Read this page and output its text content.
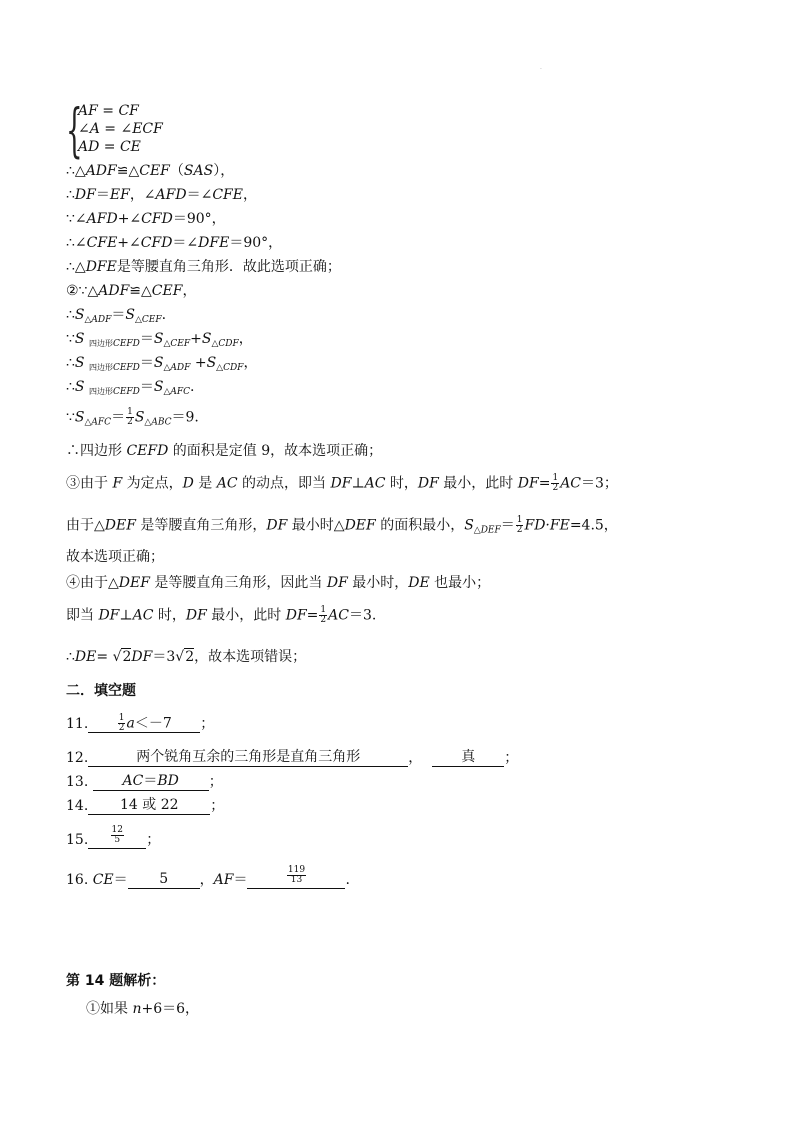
·
{
AF = CF
∠A = ∠ECF
AD = CE
∴△ADF≌△CEF（SAS），
∴DF＝EF，∠AFD＝∠CFE，
∵∠AFD+∠CFD＝90°，
∴∠CFE+∠CFD＝∠DFE＝90°，
∴△DFE是等腰直角三角形．故此选项正确；
②∵△ADF≌△CEF，
$\therefore S_{\triangle ADF}=S_{\triangle CEF}$.
∵S $_{四边形CEFD}=S_{\triangle CEF}+S_{\triangle CDF}$，
∴S $_{四边形CEFD}=S_{\triangle ADF} +S_{\triangle CDF}$，
∴S $_{四边形CEFD}=S_{\triangle AFC}$.
$\because S_{\triangle AFC}= \frac{1}{2} S_{\triangle ABC}=9$.
∴四边形 CEFD 的面积是定值 9，故本选项正确；
③由于 F 为定点，D 是 AC 的动点，即当 DF⊥AC 时，DF 最小，此时 $DF= \frac{1}{2} AC=3$；
由于△DEF 是等腰直角三角形，DF 最小时△DEF 的面积最小，$S_{\triangle DEF}= \frac{1}{2} FD\cdot FE=4.5$，
故本选项正确；
④由于△DEF 是等腰直角三角形，因此当 DF 最小时，DE 也最小；
即当 DF⊥AC 时，DF 最小，此时 $DF= \frac{1}{2} AC=3$.
∴DE= √2DF＝3√2，故本选项错误；
二．填空题
11.	$\frac{1}{2} a<-7$ ；
12.	两个锐角互余的三角形是直角三角形	，	真 ；
13. AC＝BD ；
14. 14 或 22 ；
15. $\frac{12}{5}$ ；
16. CE＝ 5 ，AF＝	$\frac{119}{13}$	.
第 14 题解析：
①如果 n+6＝6，
